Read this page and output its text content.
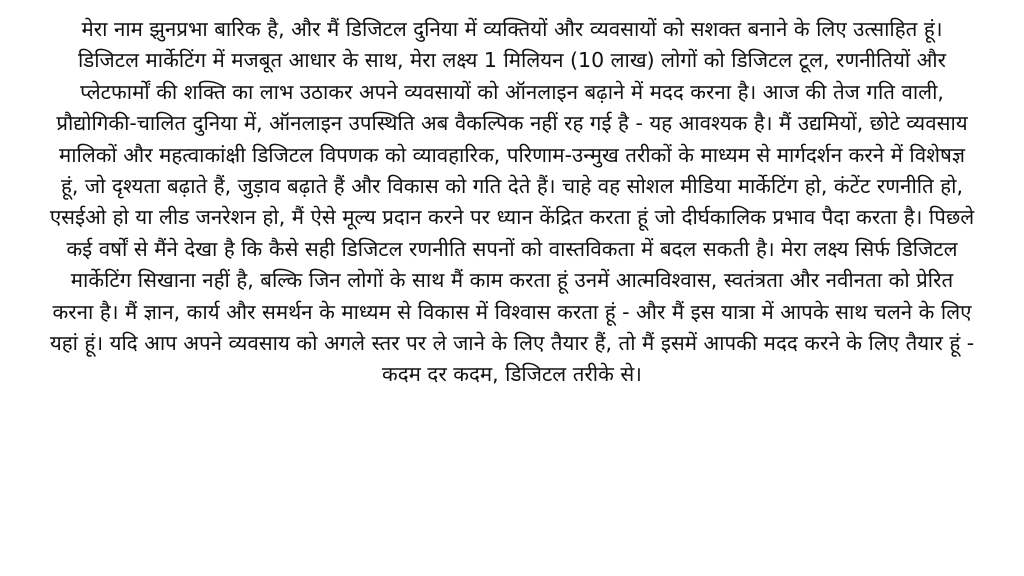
मेरा नाम झुनप्रभा बारिक है, और मैं डिजिटल दुनिया में व्यक्तियों और व्यवसायों को सशक्त बनाने के लिए उत्साहित हूं। डिजिटल मार्केटिंग में मजबूत आधार के साथ, मेरा लक्ष्य 1 मिलियन (10 लाख) लोगों को डिजिटल टूल, रणनीतियों और प्लेटफार्मों की शक्ति का लाभ उठाकर अपने व्यवसायों को ऑनलाइन बढ़ाने में मदद करना है। आज की तेज गति वाली, प्रौद्योगिकी-चालित दुनिया में, ऑनलाइन उपस्थिति अब वैकल्पिक नहीं रह गई है - यह आवश्यक है। मैं उद्यमियों, छोटे व्यवसाय मालिकों और महत्वाकांक्षी डिजिटल विपणक को व्यावहारिक, परिणाम-उन्मुख तरीकों के माध्यम से मार्गदर्शन करने में विशेषज्ञ हूं, जो दृश्यता बढ़ाते हैं, जुड़ाव बढ़ाते हैं और विकास को गति देते हैं। चाहे वह सोशल मीडिया मार्केटिंग हो, कंटेंट रणनीति हो, एसईओ हो या लीड जनरेशन हो, मैं ऐसे मूल्य प्रदान करने पर ध्यान केंद्रित करता हूं जो दीर्घकालिक प्रभाव पैदा करता है। पिछले कई वर्षों से मैंने देखा है कि कैसे सही डिजिटल रणनीति सपनों को वास्तविकता में बदल सकती है। मेरा लक्ष्य सिर्फ डिजिटल मार्केटिंग सिखाना नहीं है, बल्कि जिन लोगों के साथ मैं काम करता हूं उनमें आत्मविश्वास, स्वतंत्रता और नवीनता को प्रेरित करना है। मैं ज्ञान, कार्य और समर्थन के माध्यम से विकास में विश्वास करता हूं - और मैं इस यात्रा में आपके साथ चलने के लिए यहां हूं। यदि आप अपने व्यवसाय को अगले स्तर पर ले जाने के लिए तैयार हैं, तो मैं इसमें आपकी मदद करने के लिए तैयार हूं - कदम दर कदम, डिजिटल तरीके से।
